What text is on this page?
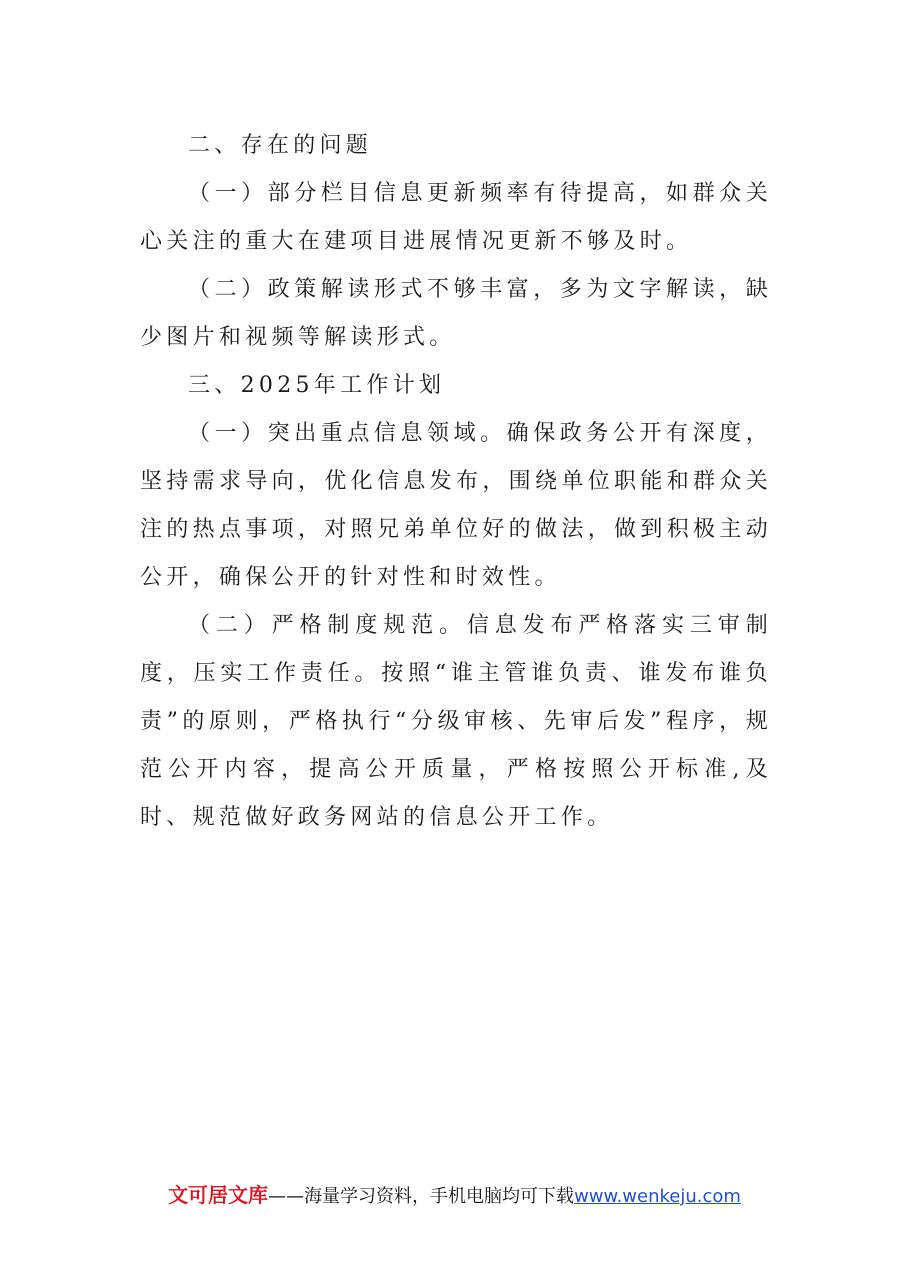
二、存在的问题

（一）部分栏目信息更新频率有待提高，如群众关心关注的重大在建项目进展情况更新不够及时。

（二）政策解读形式不够丰富，多为文字解读，缺少图片和视频等解读形式。

三、2025年工作计划

（一）突出重点信息领域。确保政务公开有深度，坚持需求导向，优化信息发布，围绕单位职能和群众关注的热点事项，对照兄弟单位好的做法，做到积极主动公开，确保公开的针对性和时效性。

（二）严格制度规范。信息发布严格落实三审制度，压实工作责任。按照“谁主管谁负责、谁发布谁负责”的原则，严格执行“分级审核、先审后发”程序，规范公开内容，提高公开质量，严格按照公开标准,及时、规范做好政务网站的信息公开工作。

文可居文库——海量学习资料，手机电脑均可下载www.wenkeju.com
